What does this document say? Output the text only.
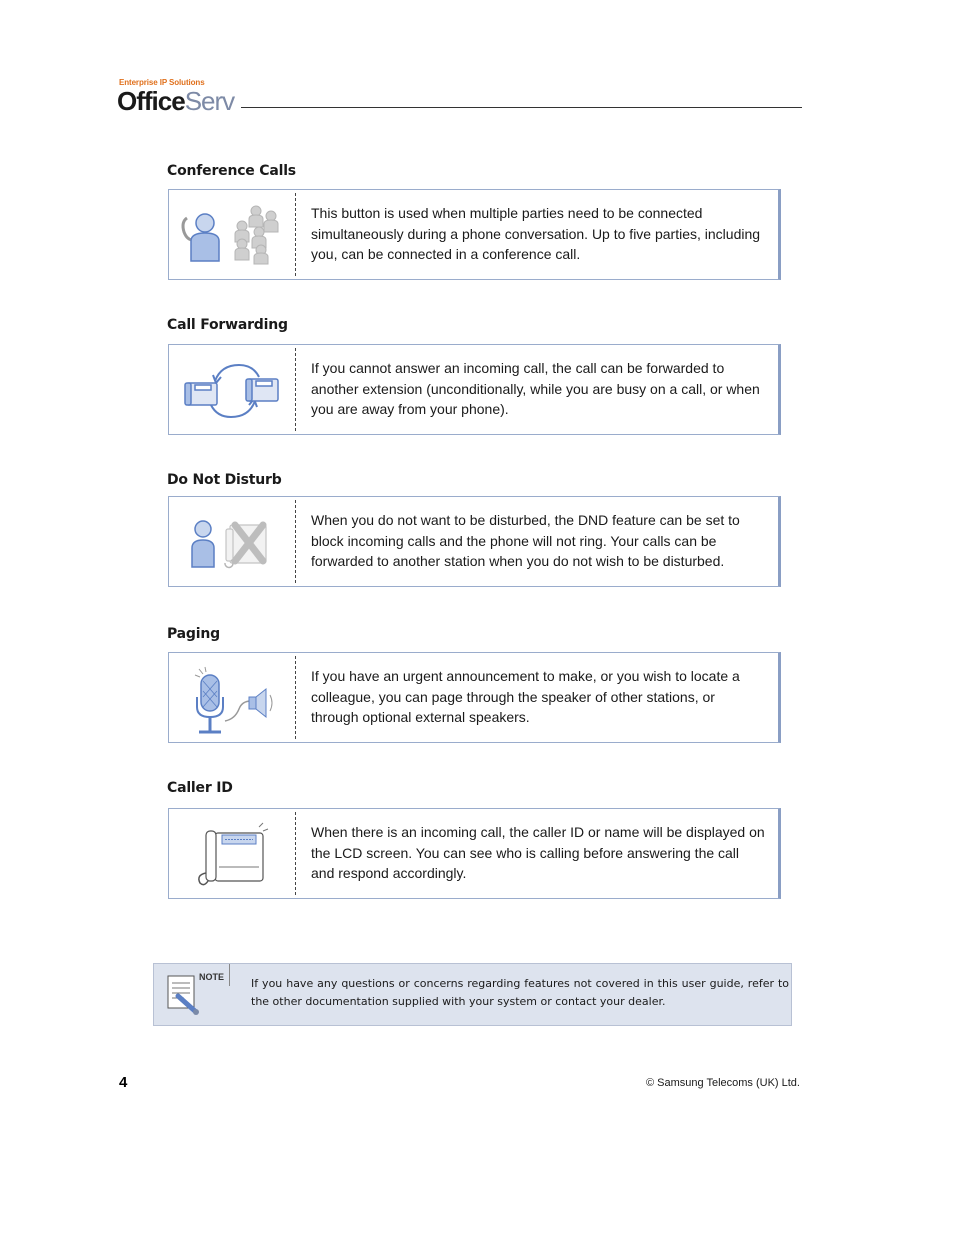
Enterprise IP Solutions
OfficeServ
Conference Calls
This button is used when multiple parties need to be connected simultaneously during a phone conversation. Up to five parties, including you, can be connected in a conference call.
Call Forwarding
If you cannot answer an incoming call, the call can be forwarded to another extension (unconditionally, while you are busy on a call, or when you are away from your phone).
Do Not Disturb
When you do not want to be disturbed, the DND feature can be set to block incoming calls and the phone will not ring. Your calls can be forwarded to another station when you do not wish to be disturbed.
Paging
If you have an urgent announcement to make, or you wish to locate a colleague, you can page through the speaker of other stations, or through optional external speakers.
Caller ID
When there is an incoming call, the caller ID or name will be displayed on the LCD screen. You can see who is calling before answering the call and respond accordingly.
NOTE If you have any questions or concerns regarding features not covered in this user guide, refer to the other documentation supplied with your system or contact your dealer.
4	© Samsung Telecoms (UK) Ltd.
